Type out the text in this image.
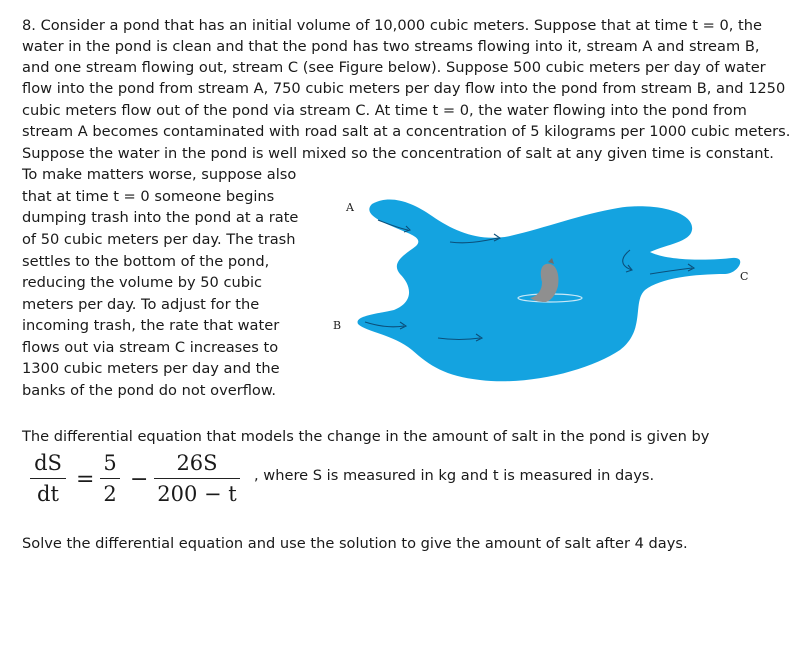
8. Consider a pond that has an initial volume of 10,000 cubic meters. Suppose that at time t = 0, the
water in the pond is clean and that the pond has two streams flowing into it, stream A and stream B,
and one stream flowing out, stream C (see Figure below). Suppose 500 cubic meters per day of water
flow into the pond from stream A, 750 cubic meters per day flow into the pond from stream B, and 1250
cubic meters flow out of the pond via stream C. At time t = 0, the water flowing into the pond from
stream A becomes contaminated with road salt at a concentration of 5 kilograms per 1000 cubic meters.
Suppose the water in the pond is well mixed so the concentration of salt at any given time is constant.
To make matters worse, suppose also
that at time t = 0 someone begins
dumping trash into the pond at a rate
of 50 cubic meters per day. The trash
settles to the bottom of the pond,
reducing the volume by 50 cubic
meters per day. To adjust for the
incoming trash, the rate that water
flows out via stream C increases to
1300 cubic meters per day and the
banks of the pond do not overflow.
A
B
C
The differential equation that models the change in the amount of salt in the pond is given by
dS
dt
=
5
2
−
26S
200 − t
, where S is measured in kg and t is measured in days.
Solve the differential equation and use the solution to give the amount of salt after 4 days.
